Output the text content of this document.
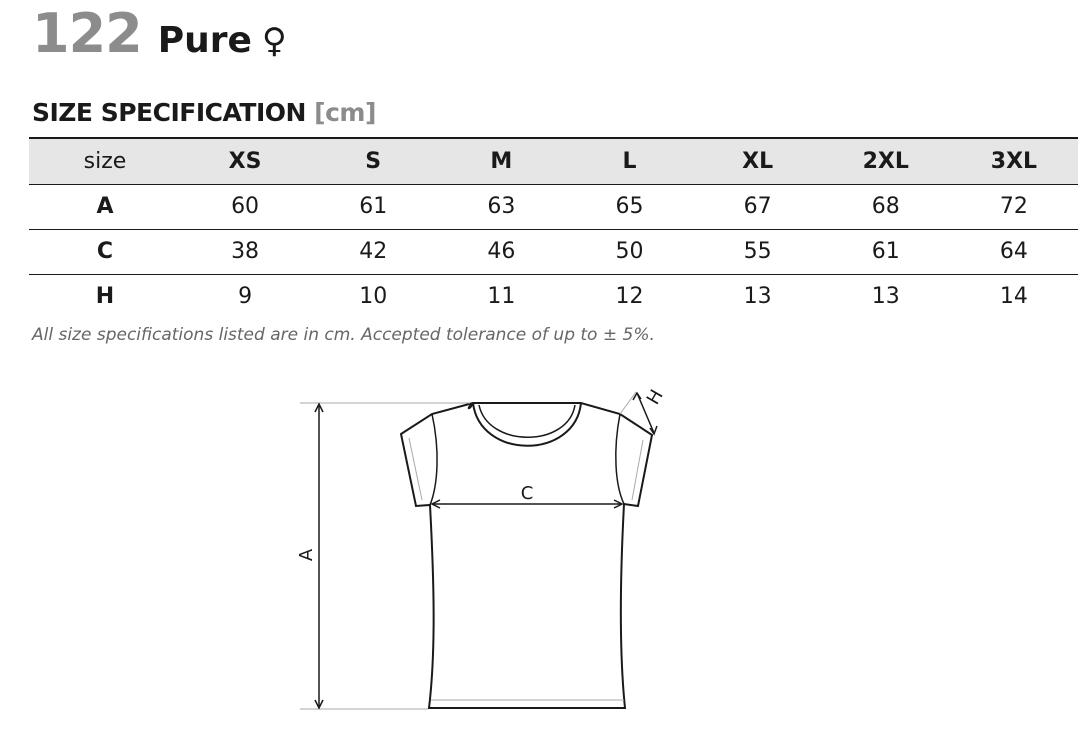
122 Pure ♀
SIZE SPECIFICATION [cm]
size	XS	S	M	L	XL	2XL	3XL
A	60	61	63	65	67	68	72
C	38	42	46	50	55	61	64
H	9	10	11	12	13	13	14
All size specifications listed are in cm. Accepted tolerance of up to ± 5%.
A
C
H
